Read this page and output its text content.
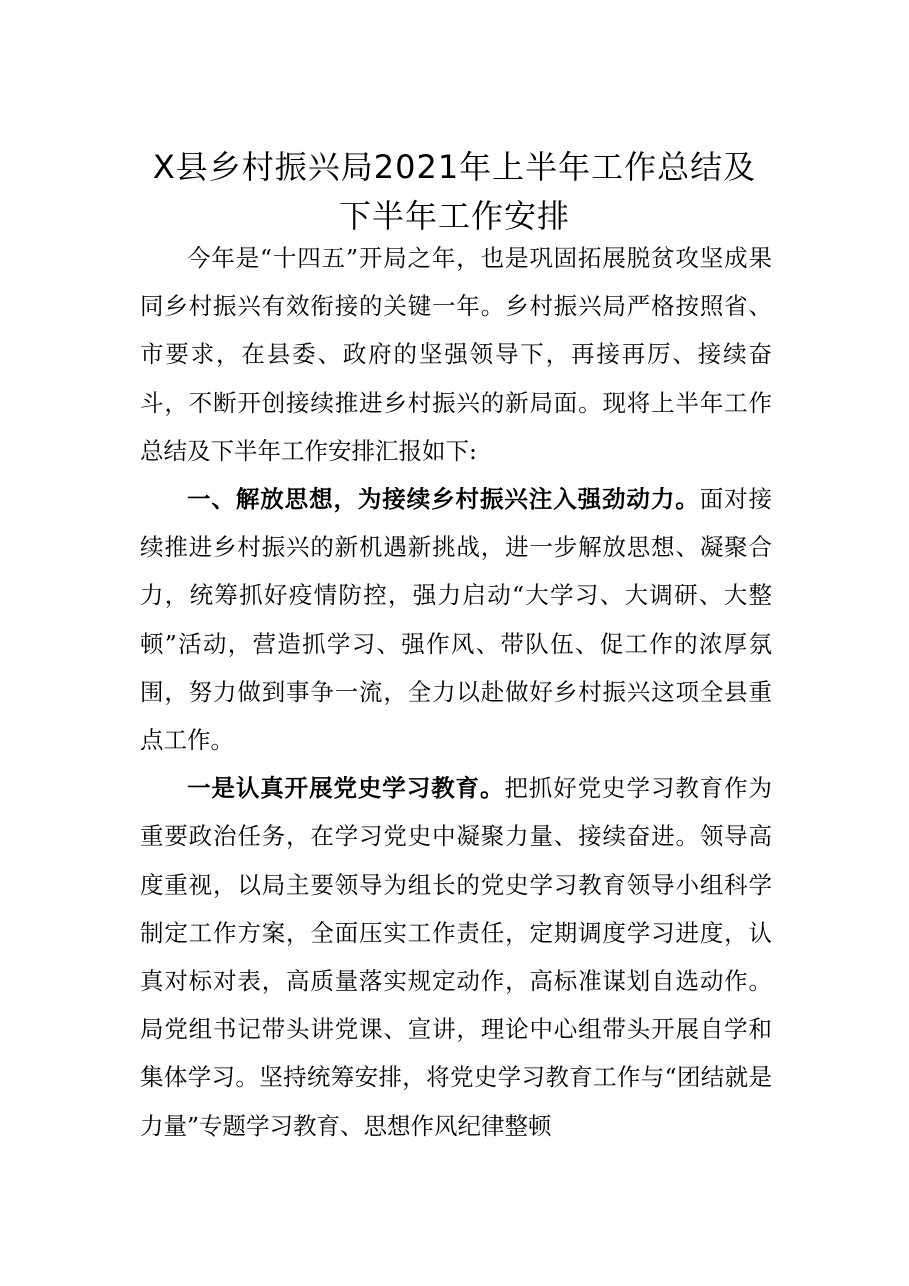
X县乡村振兴局2021年上半年工作总结及
下半年工作安排

今年是“十四五”开局之年，也是巩固拓展脱贫攻坚成果同乡村振兴有效衔接的关键一年。乡村振兴局严格按照省、市要求，在县委、政府的坚强领导下，再接再厉、接续奋斗，不断开创接续推进乡村振兴的新局面。现将上半年工作总结及下半年工作安排汇报如下:

一、解放思想，为接续乡村振兴注入强劲动力。面对接续推进乡村振兴的新机遇新挑战，进一步解放思想、凝聚合力，统筹抓好疫情防控，强力启动“大学习、大调研、大整顿”活动，营造抓学习、强作风、带队伍、促工作的浓厚氛围，努力做到事争一流，全力以赴做好乡村振兴这项全县重点工作。

一是认真开展党史学习教育。把抓好党史学习教育作为重要政治任务，在学习党史中凝聚力量、接续奋进。领导高度重视，以局主要领导为组长的党史学习教育领导小组科学制定工作方案，全面压实工作责任，定期调度学习进度，认真对标对表，高质量落实规定动作，高标准谋划自选动作。局党组书记带头讲党课、宣讲，理论中心组带头开展自学和集体学习。坚持统筹安排，将党史学习教育工作与“团结就是力量”专题学习教育、思想作风纪律整顿
